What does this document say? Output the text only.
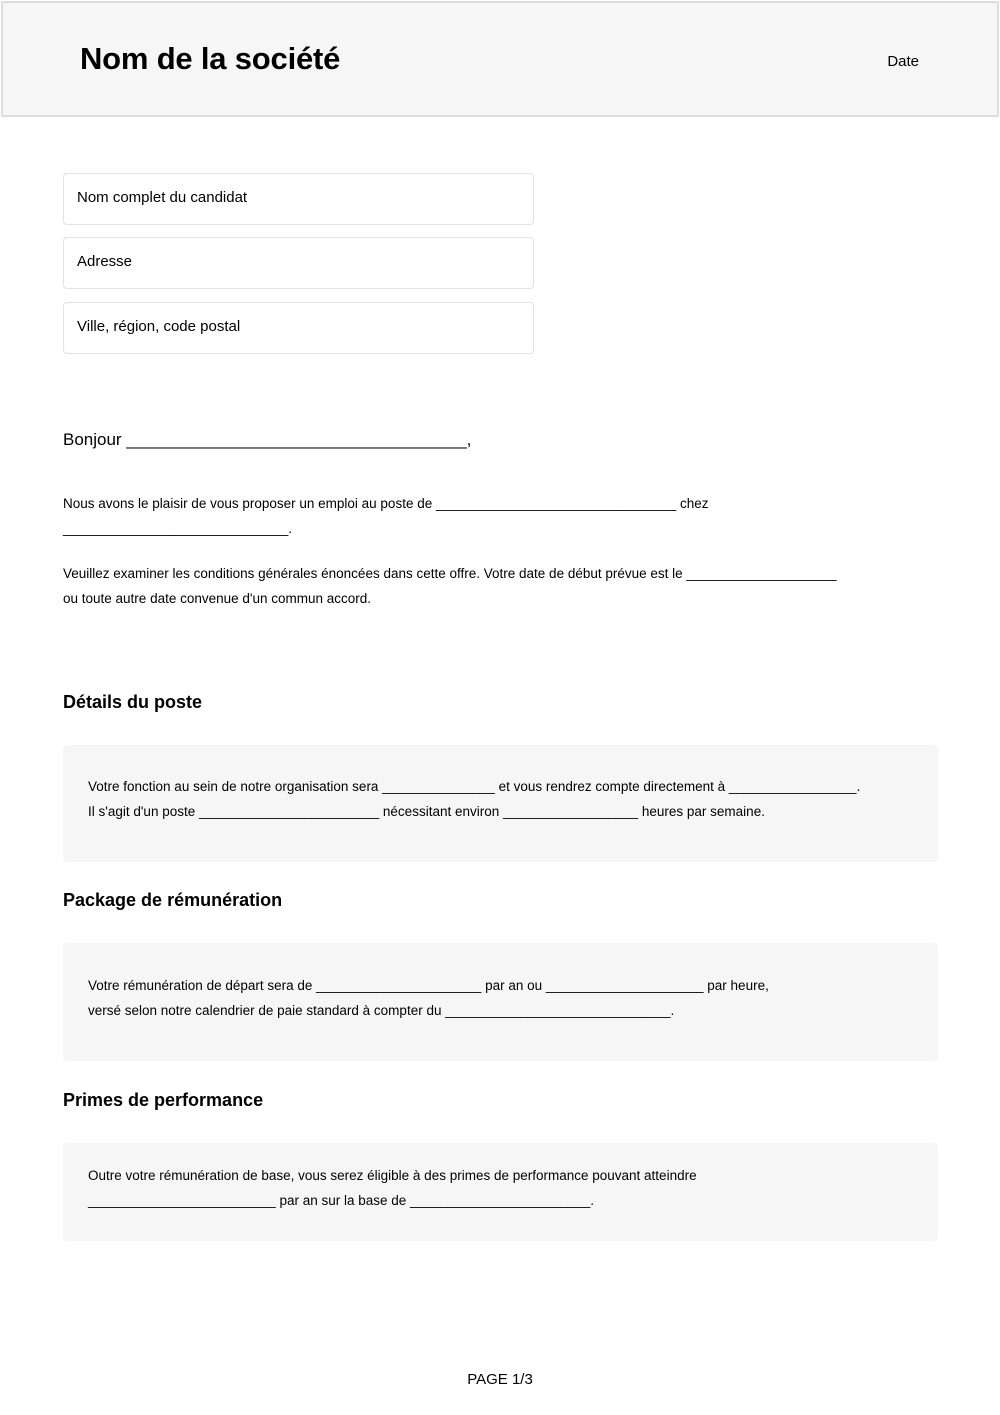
Nom de la société	Date
Nom complet du candidat
Adresse
Ville, région, code postal
Bonjour ____________________________________,
Nous avons le plaisir de vous proposer un emploi au poste de ________________________________ chez
______________________________.
Veuillez examiner les conditions générales énoncées dans cette offre. Votre date de début prévue est le ____________________
ou toute autre date convenue d'un commun accord.
Détails du poste
Votre fonction au sein de notre organisation sera _______________ et vous rendrez compte directement à _________________.
Il s'agit d'un poste ________________________ nécessitant environ __________________ heures par semaine.
Package de rémunération
Votre rémunération de départ sera de ______________________ par an ou _____________________ par heure,
versé selon notre calendrier de paie standard à compter du ______________________________.
Primes de performance
Outre votre rémunération de base, vous serez éligible à des primes de performance pouvant atteindre
_________________________ par an sur la base de ________________________.
PAGE 1/3
